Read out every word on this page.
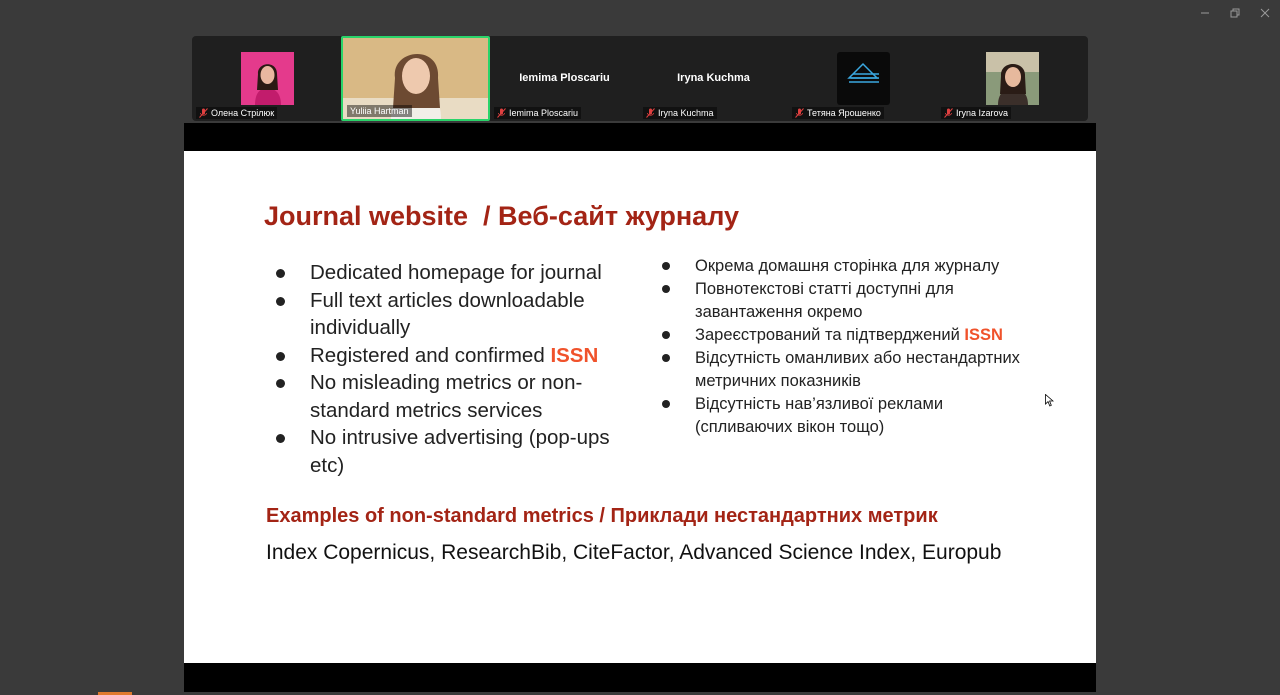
Олена Стрілюк	Yuliia Hartman
Iemima Ploscariu
Iemima Ploscariu
Iryna Kuchma
Iryna Kuchma	Тетяна Ярошенко	Iryna Izarova
Journal website  / Веб-сайт журналу
Dedicated homepage for journal
Full text articles downloadable individually
Registered and confirmed ISSN
No misleading metrics or non-standard metrics services
No intrusive advertising (pop-ups etc)
Окрема домашня сторінка для журналу
Повнотекстові статті доступні для завантаження окремо
Зареєстрований та підтверджений ISSN
Відсутність оманливих або нестандартних метричних показників
Відсутність нав’язливої реклами (спливаючих вікон тощо)
Examples of non-standard metrics / Приклади нестандартних метрик

Index Copernicus, ResearchBib, CiteFactor, Advanced Science Index, Europub
